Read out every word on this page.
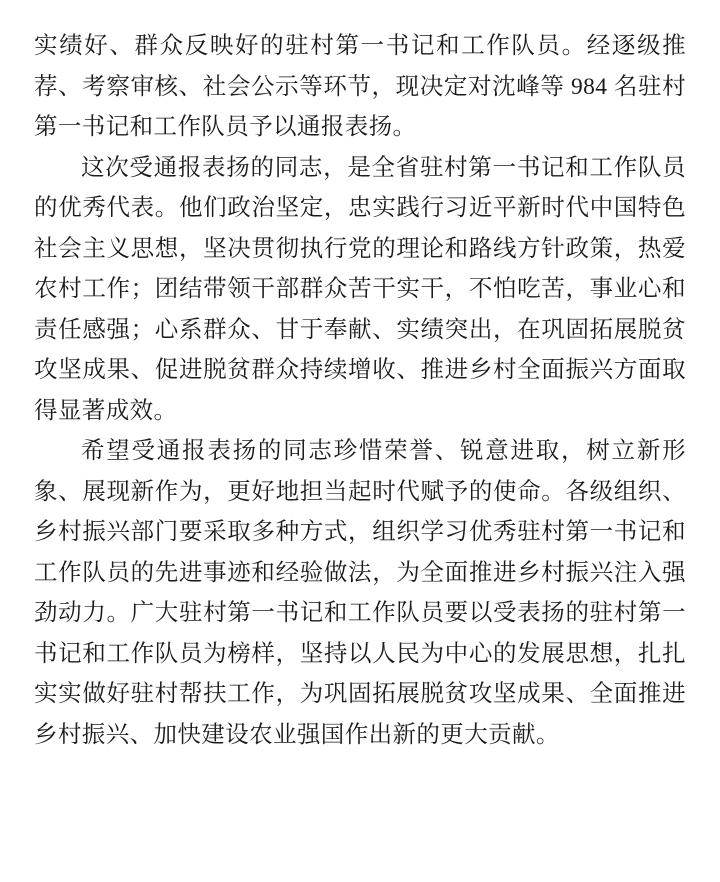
实绩好、群众反映好的驻村第一书记和工作队员。经逐级推荐、考察审核、社会公示等环节，现决定对沈峰等 984 名驻村第一书记和工作队员予以通报表扬。

这次受通报表扬的同志，是全省驻村第一书记和工作队员的优秀代表。他们政治坚定，忠实践行习近平新时代中国特色社会主义思想，坚决贯彻执行党的理论和路线方针政策，热爱农村工作；团结带领干部群众苦干实干，不怕吃苦，事业心和责任感强；心系群众、甘于奉献、实绩突出，在巩固拓展脱贫攻坚成果、促进脱贫群众持续增收、推进乡村全面振兴方面取得显著成效。

希望受通报表扬的同志珍惜荣誉、锐意进取，树立新形象、展现新作为，更好地担当起时代赋予的使命。各级组织、乡村振兴部门要采取多种方式，组织学习优秀驻村第一书记和工作队员的先进事迹和经验做法，为全面推进乡村振兴注入强劲动力。广大驻村第一书记和工作队员要以受表扬的驻村第一书记和工作队员为榜样，坚持以人民为中心的发展思想，扎扎实实做好驻村帮扶工作，为巩固拓展脱贫攻坚成果、全面推进乡村振兴、加快建设农业强国作出新的更大贡献。
